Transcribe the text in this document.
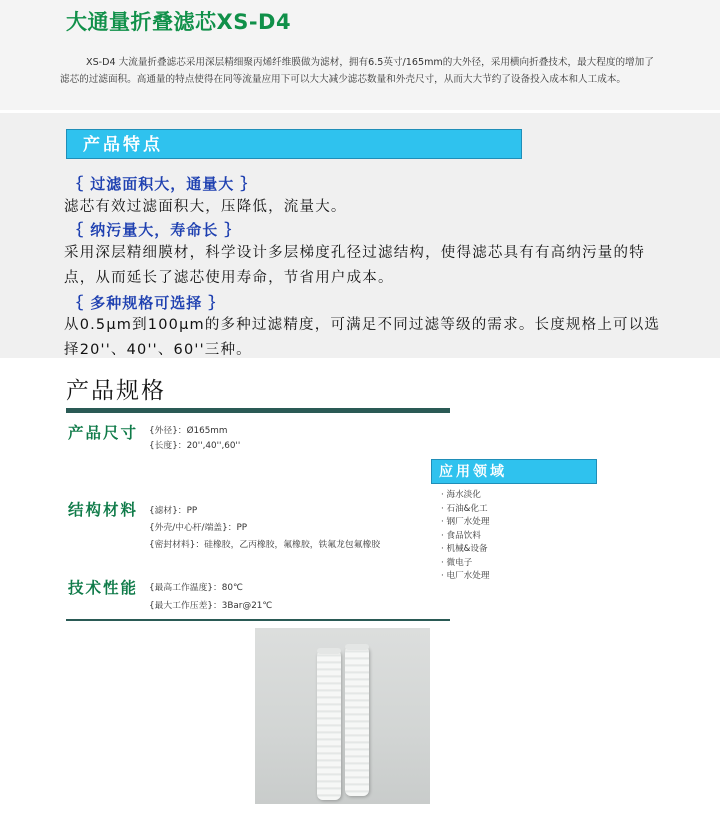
大通量折叠滤芯XS-D4
XS-D4 大流量折叠滤芯采用深层精细聚丙烯纤维膜做为滤材，拥有6.5英寸/165mm的大外径，采用横向折叠技术，最大程度的增加了滤芯的过滤面积。高通量的特点使得在同等流量应用下可以大大减少滤芯数量和外壳尺寸，从而大大节约了设备投入成本和人工成本。
产品特点
｛ 过滤面积大，通量大 ｝
滤芯有效过滤面积大，压降低，流量大。
｛ 纳污量大，寿命长 ｝
采用深层精细膜材，科学设计多层梯度孔径过滤结构，使得滤芯具有有高纳污量的特点，从而延长了滤芯使用寿命，节省用户成本。
｛ 多种规格可选择 ｝
从0.5μm到100μm的多种过滤精度，可满足不同过滤等级的需求。长度规格上可以选择20''、40''、60''三种。
产品规格
产品尺寸 {外径}：Ø165mm
{长度}：20'',40'',60''
结构材料 {滤材}：PP
{外壳/中心杆/端盖}：PP
{密封材料}：硅橡胶，乙丙橡胶，氟橡胶，铁氟龙包氟橡胶
技术性能 {最高工作温度}：80℃
{最大工作压差}：3Bar@21℃
应用领域
· 海水淡化
· 石油&化工
· 钢厂水处理
· 食品饮料
· 机械&设备
· 微电子
· 电厂水处理
